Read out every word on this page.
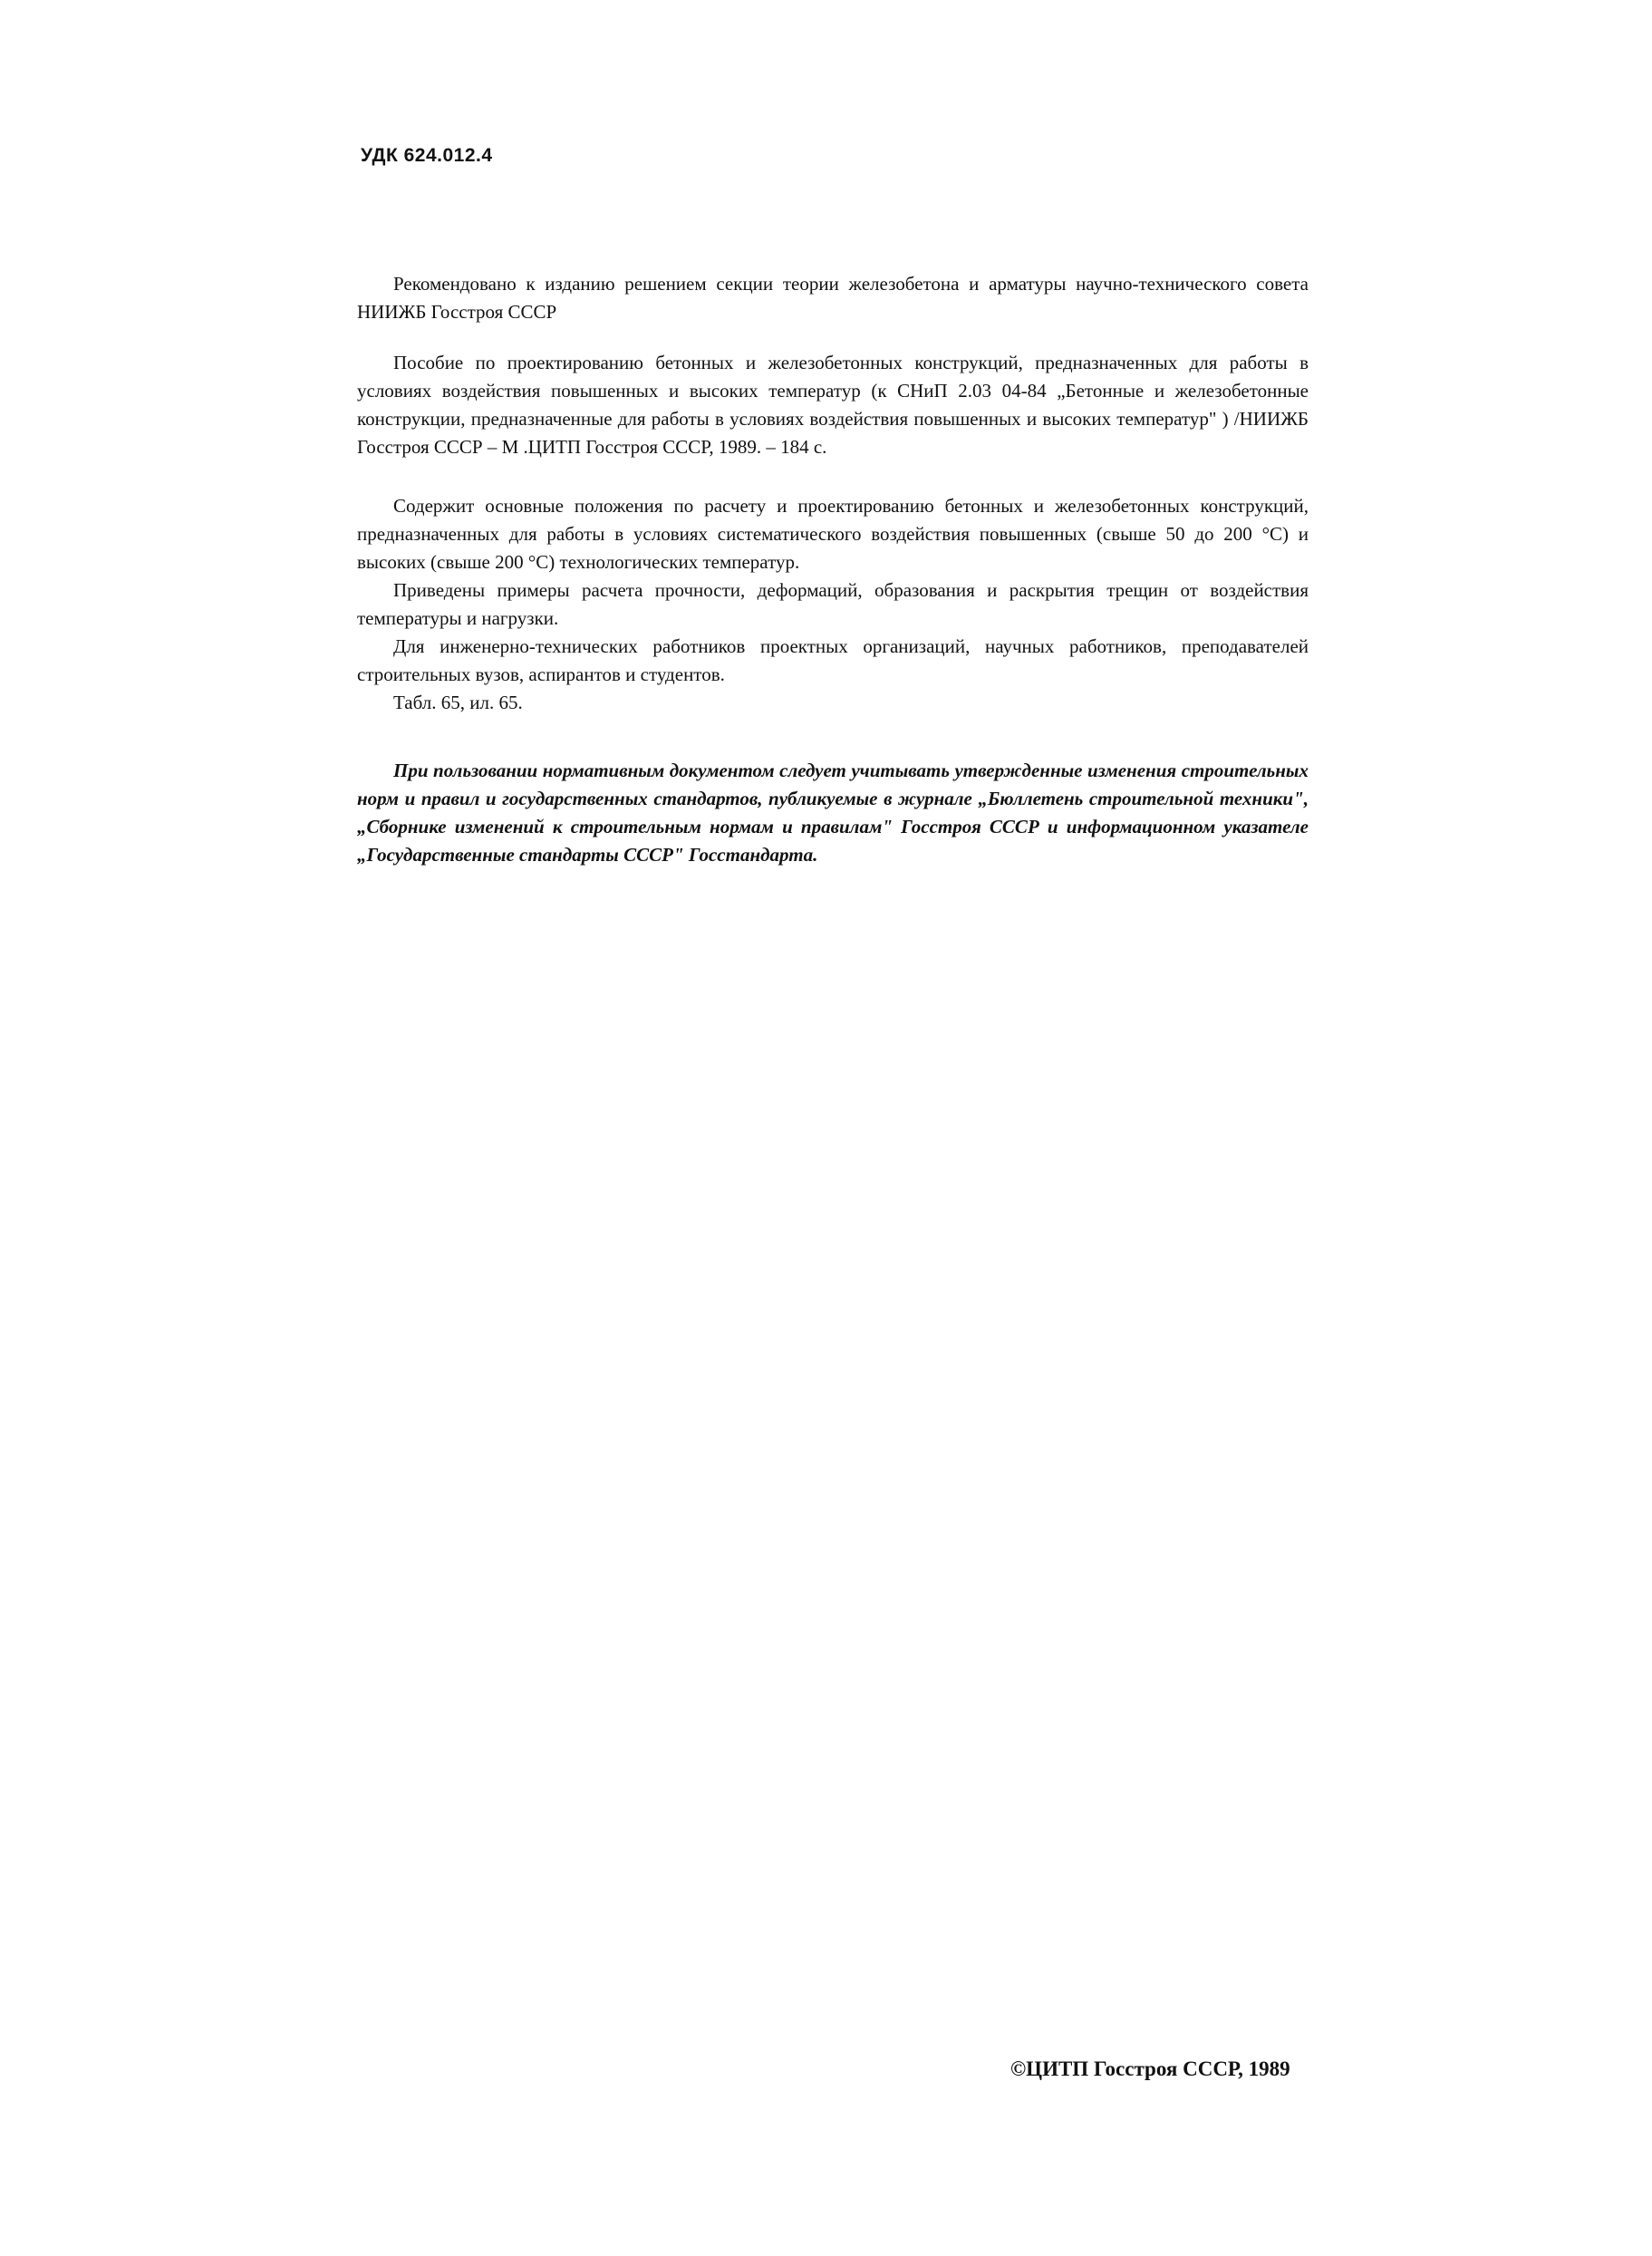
УДК 624.012.4

Рекомендовано к изданию решением секции теории железобетона и арматуры научно-технического совета НИИЖБ Госстроя СССР

Пособие по проектированию бетонных и железобетонных конструкций, предназначенных для работы в условиях воздействия повышенных и высоких температур (к СНиП 2.03 04-84 „Бетонные и железобетонные конструкции, предназначенные для работы в условиях воздействия повышенных и высоких температур" ) /НИИЖБ Госстроя СССР – М .ЦИТП Госстроя СССР, 1989. – 184 с.

Содержит основные положения по расчету и проектированию бетонных и железобетонных конструкций, предназначенных для работы в условиях систематического воздействия повышенных (свыше 50 до 200 °С) и высоких (свыше 200 °С) технологических температур.

Приведены примеры расчета прочности, деформаций, образования и раскрытия трещин от воздействия температуры и нагрузки.

Для инженерно-технических работников проектных организаций, научных работников, преподавателей строительных вузов, аспирантов и студентов.

Табл. 65, ил. 65.

При пользовании нормативным документом следует учитывать утвержденные изменения строительных норм и правил и государственных стандартов, публикуемые в журнале „Бюллетень строительной техники", „Сборнике изменений к строительным нормам и правилам" Госстроя СССР и информационном указателе „Государственные стандарты СССР" Госстандарта.

©ЦИТП Госстроя СССР, 1989
